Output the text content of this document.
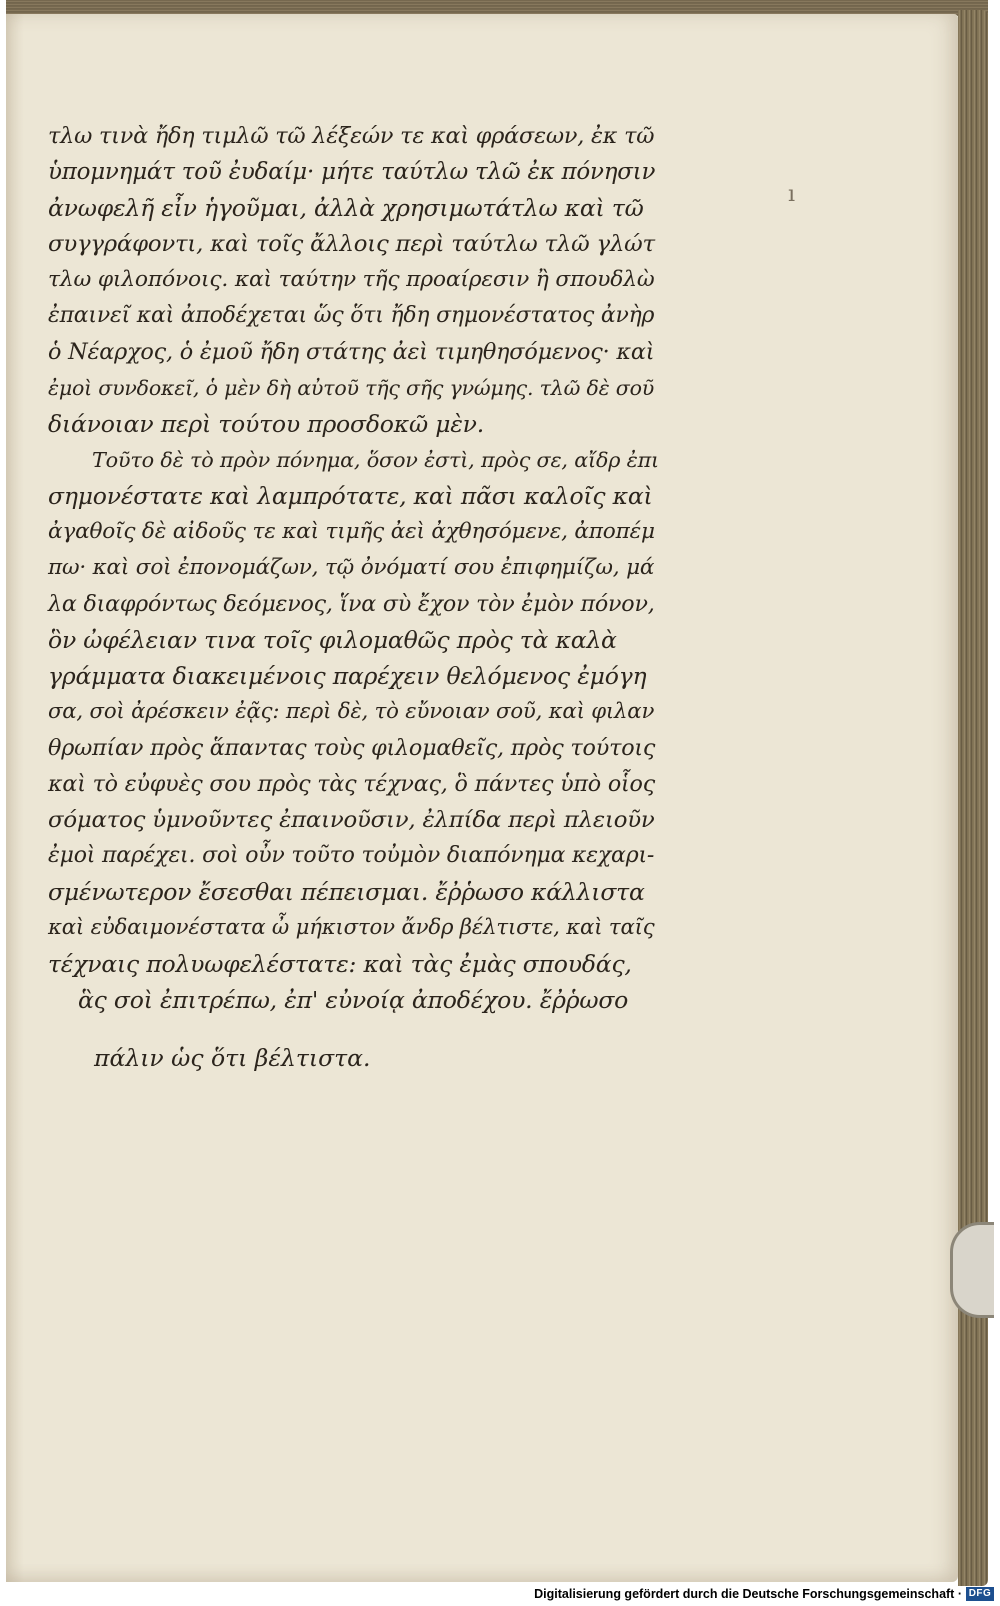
ı
τλω τινὰ ἤδη τιμλῶ τῶ λέξεών τε καὶ φράσεων, ἐκ τῶ
ὑπομνημάτ τοῦ ἐυδαίμ· μήτε ταύτλω τλῶ ἐκ πόνησιν
ἀνωφελῆ εἶν ἡγοῦμαι, ἀλλὰ χρησιμωτάτλω καὶ τῶ
συγγράφοντι, καὶ τοῖς ἄλλοις περὶ ταύτλω τλῶ γλώτ
τλω φιλοπόνοις. καὶ ταύτην τῆς προαίρεσιν ἢ σπουδλὼ
ἐπαινεῖ καὶ ἀποδέχεται ὥς ὅτι ἤδη σημονέστατος ἀνὴρ
ὁ Νέαρχος, ὁ ἐμοῦ ἤδη στάτης ἀεὶ τιμηθησόμενος· καὶ
ἐμοὶ συνδοκεῖ, ὁ μὲν δὴ αὐτοῦ τῆς σῆς γνώμης. τλῶ δὲ σοῦ
διάνοιαν περὶ τούτου προσδοκῶ μὲν.
Τοῦτο δὲ τὸ πρὸν πόνημα, ὅσον ἐστὶ, πρὸς σε, αἴδρ ἐπι
σημονέστατε καὶ λαμπρότατε, καὶ πᾶσι καλοῖς καὶ
ἀγαθοῖς δὲ αἰδοῦς τε καὶ τιμῆς ἀεὶ ἀχθησόμενε, ἀποπέμ
πω· καὶ σοὶ ἐπονομάζων, τῷ ὀνόματί σου ἐπιφημίζω, μά
λα διαφρόντως δεόμενος, ἵνα σὺ ἔχον τὸν ἐμὸν πόνον,
ὃν ὠφέλειαν τινα τοῖς φιλομαθῶς πρὸς τὰ καλὰ
γράμματα διακειμένοις παρέχειν θελόμενος ἐμόγη
σα, σοὶ ἀρέσκειν ἐᾷς: περὶ δὲ, τὸ εὔνοιαν σοῦ, καὶ φιλαν
θρωπίαν πρὸς ἅπαντας τοὺς φιλομαθεῖς, πρὸς τούτοις
καὶ τὸ εὐφυὲς σου πρὸς τὰς τέχνας, ὃ πάντες ὑπὸ οἷος
σόματος ὑμνοῦντες ἐπαινοῦσιν, ἐλπίδα περὶ πλειοῦν
ἐμοὶ παρέχει. σοὶ οὖν τοῦτο τοὐμὸν διαπόνημα κεχαρι-
σμένωτερον ἔσεσθαι πέπεισμαι. ἔῤῥωσο κάλλιστα
καὶ εὐδαιμονέστατα ὦ μήκιστον ἄνδρ βέλτιστε, καὶ ταῖς
τέχναις πολυωφελέστατε: καὶ τὰς ἐμὰς σπουδάς,
ἃς σοὶ ἐπιτρέπω, ἐπ' εὐνοίᾳ ἀποδέχου. ἔῤῥωσο
πάλιν ὡς ὅτι βέλτιστα.
Digitalisierung gefördert durch die Deutsche Forschungsgemeinschaft · DFG
